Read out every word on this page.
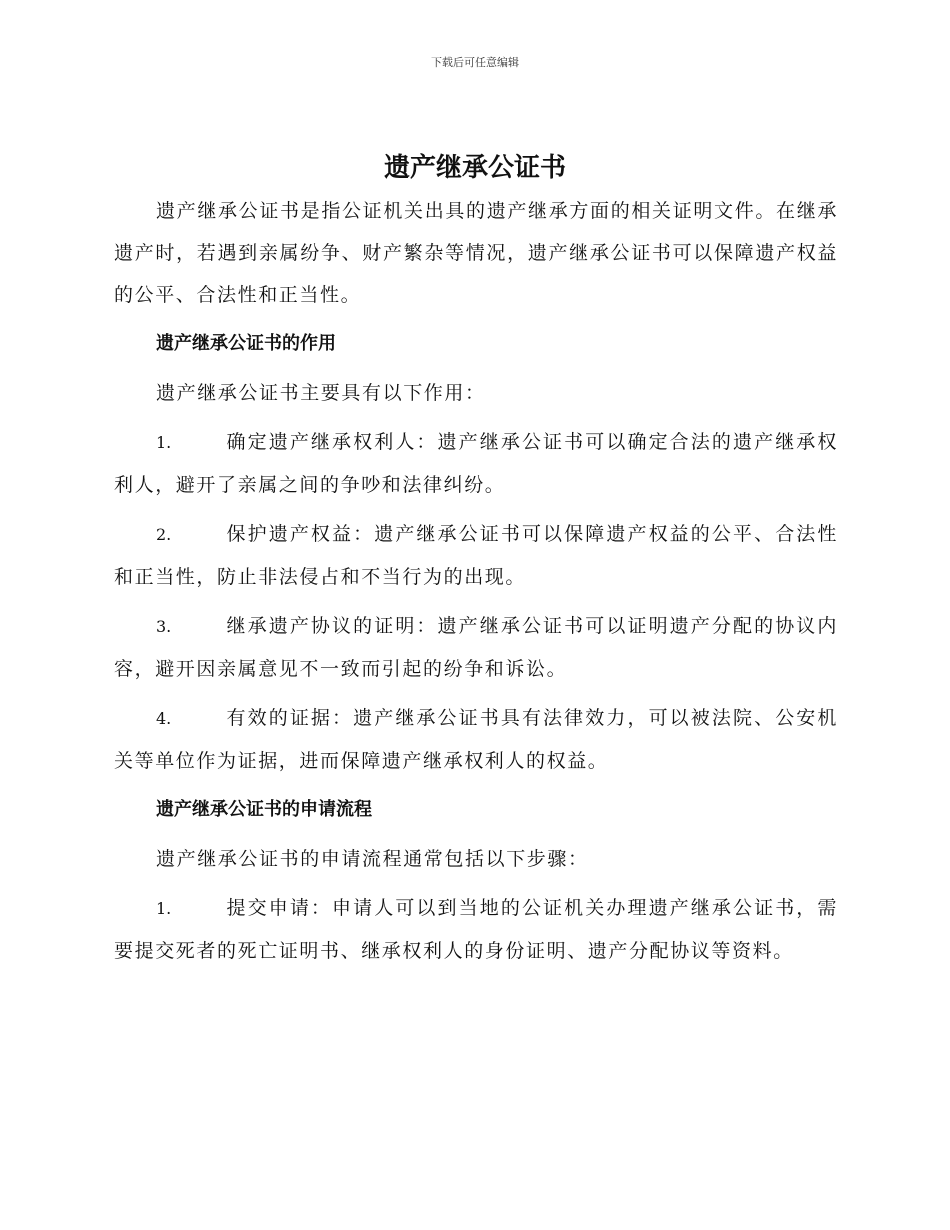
下载后可任意编辑
遗产继承公证书

遗产继承公证书是指公证机关出具的遗产继承方面的相关证明文件。在继承遗产时，若遇到亲属纷争、财产繁杂等情况，遗产继承公证书可以保障遗产权益的公平、合法性和正当性。

遗产继承公证书的作用
遗产继承公证书主要具有以下作用：

1.	确定遗产继承权利人：遗产继承公证书可以确定合法的遗产继承权利人，避开了亲属之间的争吵和法律纠纷。

2.	保护遗产权益：遗产继承公证书可以保障遗产权益的公平、合法性和正当性，防止非法侵占和不当行为的出现。

3.	继承遗产协议的证明：遗产继承公证书可以证明遗产分配的协议内容，避开因亲属意见不一致而引起的纷争和诉讼。

4.	有效的证据：遗产继承公证书具有法律效力，可以被法院、公安机关等单位作为证据，进而保障遗产继承权利人的权益。

遗产继承公证书的申请流程
遗产继承公证书的申请流程通常包括以下步骤：

1.	提交申请：申请人可以到当地的公证机关办理遗产继承公证书，需要提交死者的死亡证明书、继承权利人的身份证明、遗产分配协议等资料。
